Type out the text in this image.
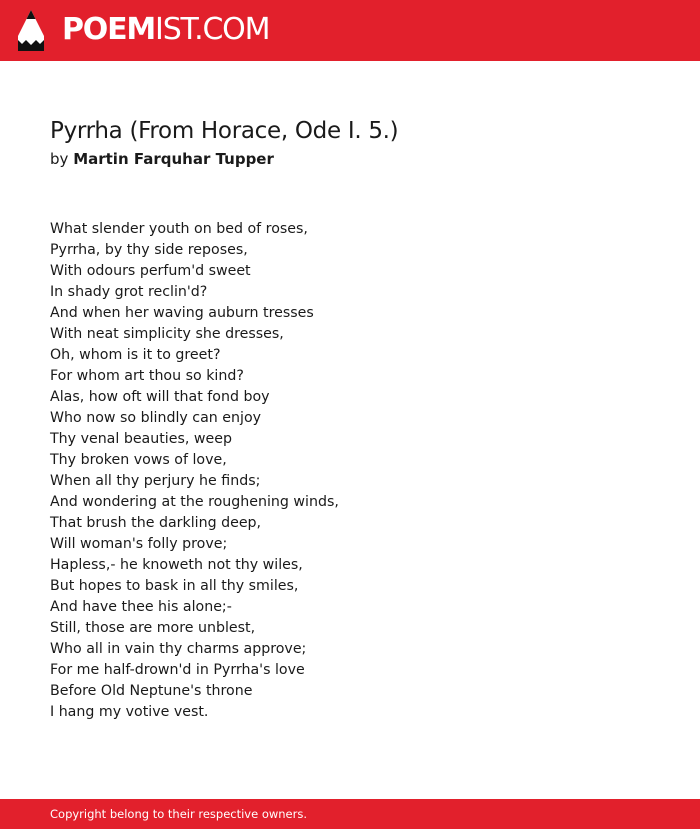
POEMIST.COM
Pyrrha (From Horace, Ode I. 5.)
by Martin Farquhar Tupper
What slender youth on bed of roses,
Pyrrha, by thy side reposes,
With odours perfum'd sweet
In shady grot reclin'd?
And when her waving auburn tresses
With neat simplicity she dresses,
Oh, whom is it to greet?
For whom art thou so kind?
Alas, how oft will that fond boy
Who now so blindly can enjoy
Thy venal beauties, weep
Thy broken vows of love,
When all thy perjury he finds;
And wondering at the roughening winds,
That brush the darkling deep,
Will woman's folly prove;
Hapless,- he knoweth not thy wiles,
But hopes to bask in all thy smiles,
And have thee his alone;-
Still, those are more unblest,
Who all in vain thy charms approve;
For me half-drown'd in Pyrrha's love
Before Old Neptune's throne
I hang my votive vest.
Copyright belong to their respective owners.
